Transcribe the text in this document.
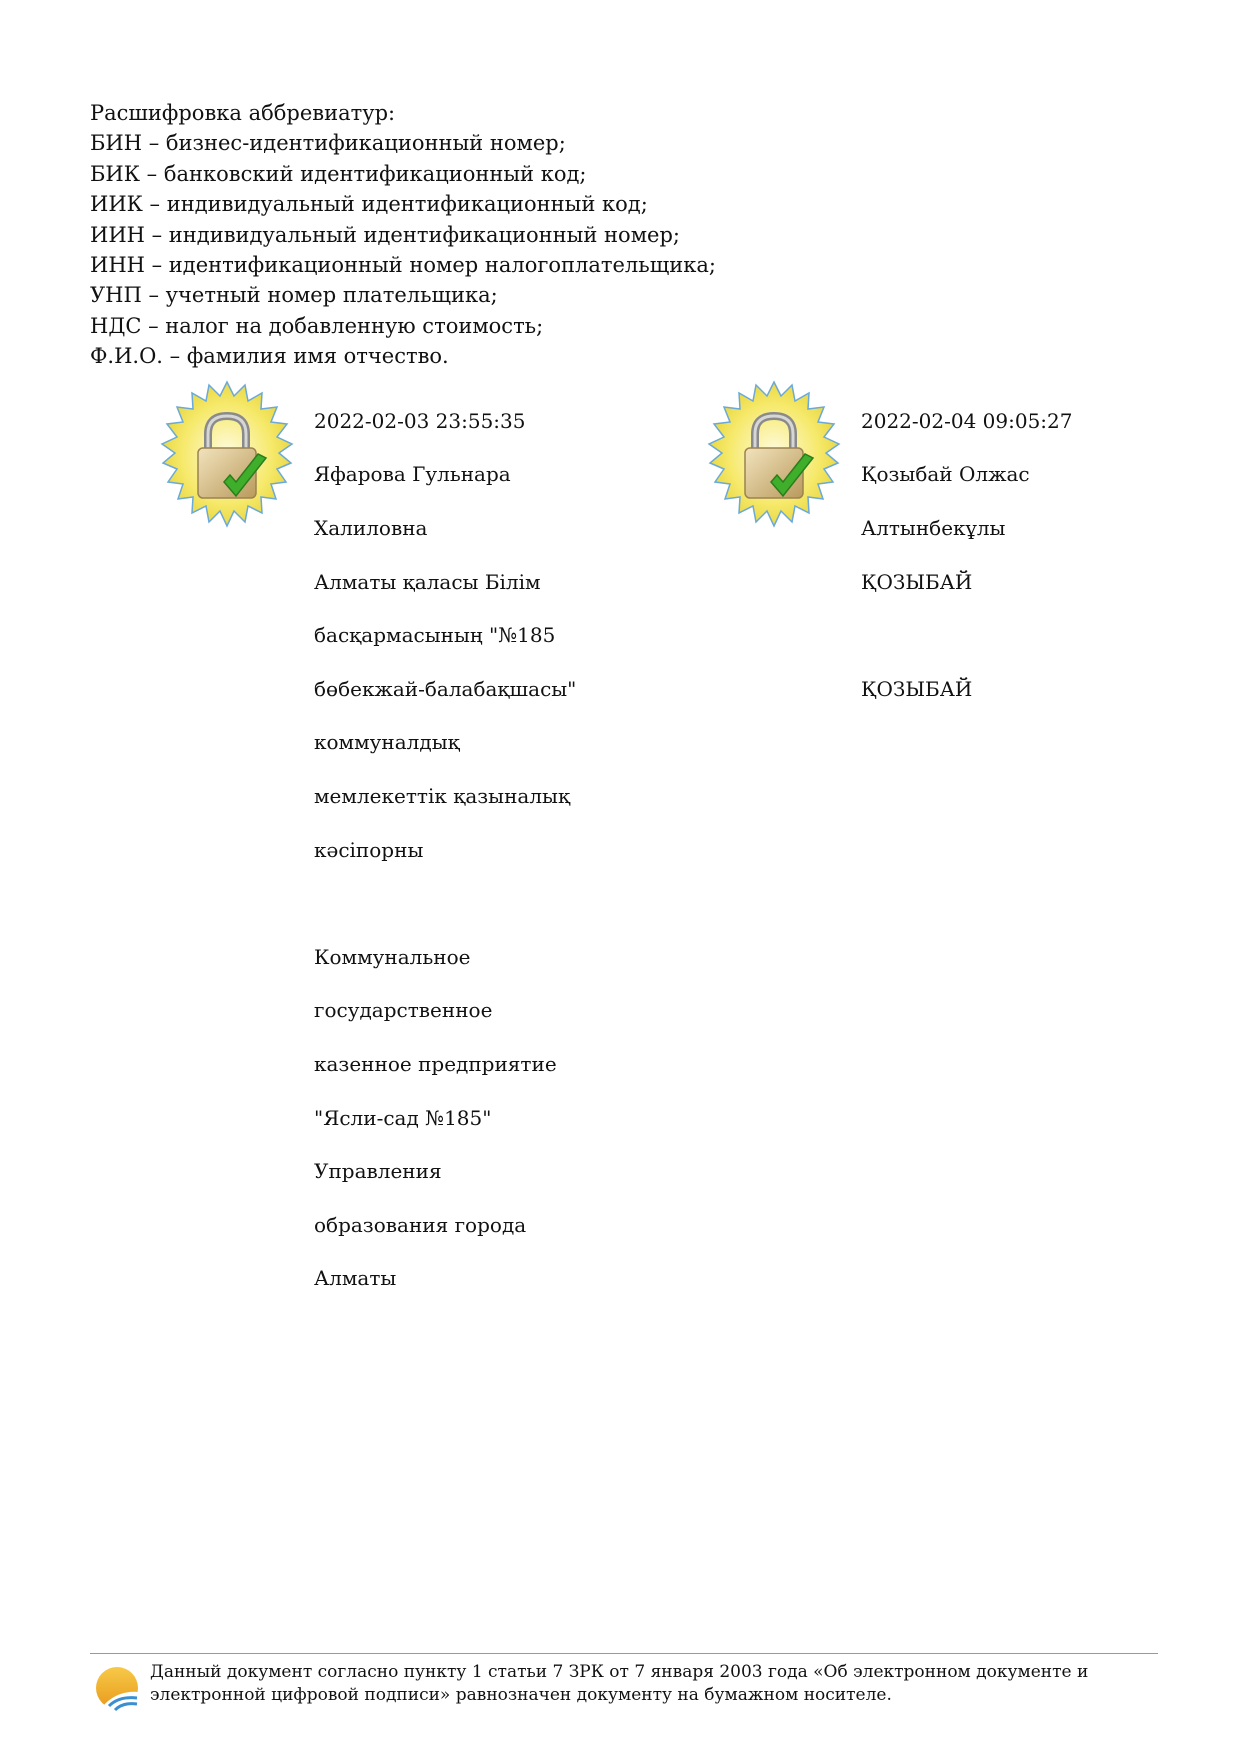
Расшифровка аббревиатур:
БИН – бизнес-идентификационный номер;
БИК – банковский идентификационный код;
ИИК – индивидуальный идентификационный код;
ИИН – индивидуальный идентификационный номер;
ИНН – идентификационный номер налогоплательщика;
УНП – учетный номер плательщика;
НДС – налог на добавленную стоимость;
Ф.И.О. – фамилия имя отчество.

2022-02-03 23:55:35

Яфарова Гульнара

Халиловна

Алматы қаласы Білім

басқармасының "№185

бөбекжай-балабақшасы"

коммуналдық

мемлекеттік қазыналық

кәсіпорны

Коммунальное

государственное

казенное предприятие

"Ясли-сад №185"

Управления

образования города

Алматы

2022-02-04 09:05:27

Қозыбай Олжас

Алтынбекұлы

ҚОЗЫБАЙ

ҚОЗЫБАЙ

Данный документ согласно пункту 1 статьи 7 ЗРК от 7 января 2003 года «Об электронном документе и
электронной цифровой подписи» равнозначен документу на бумажном носителе.
